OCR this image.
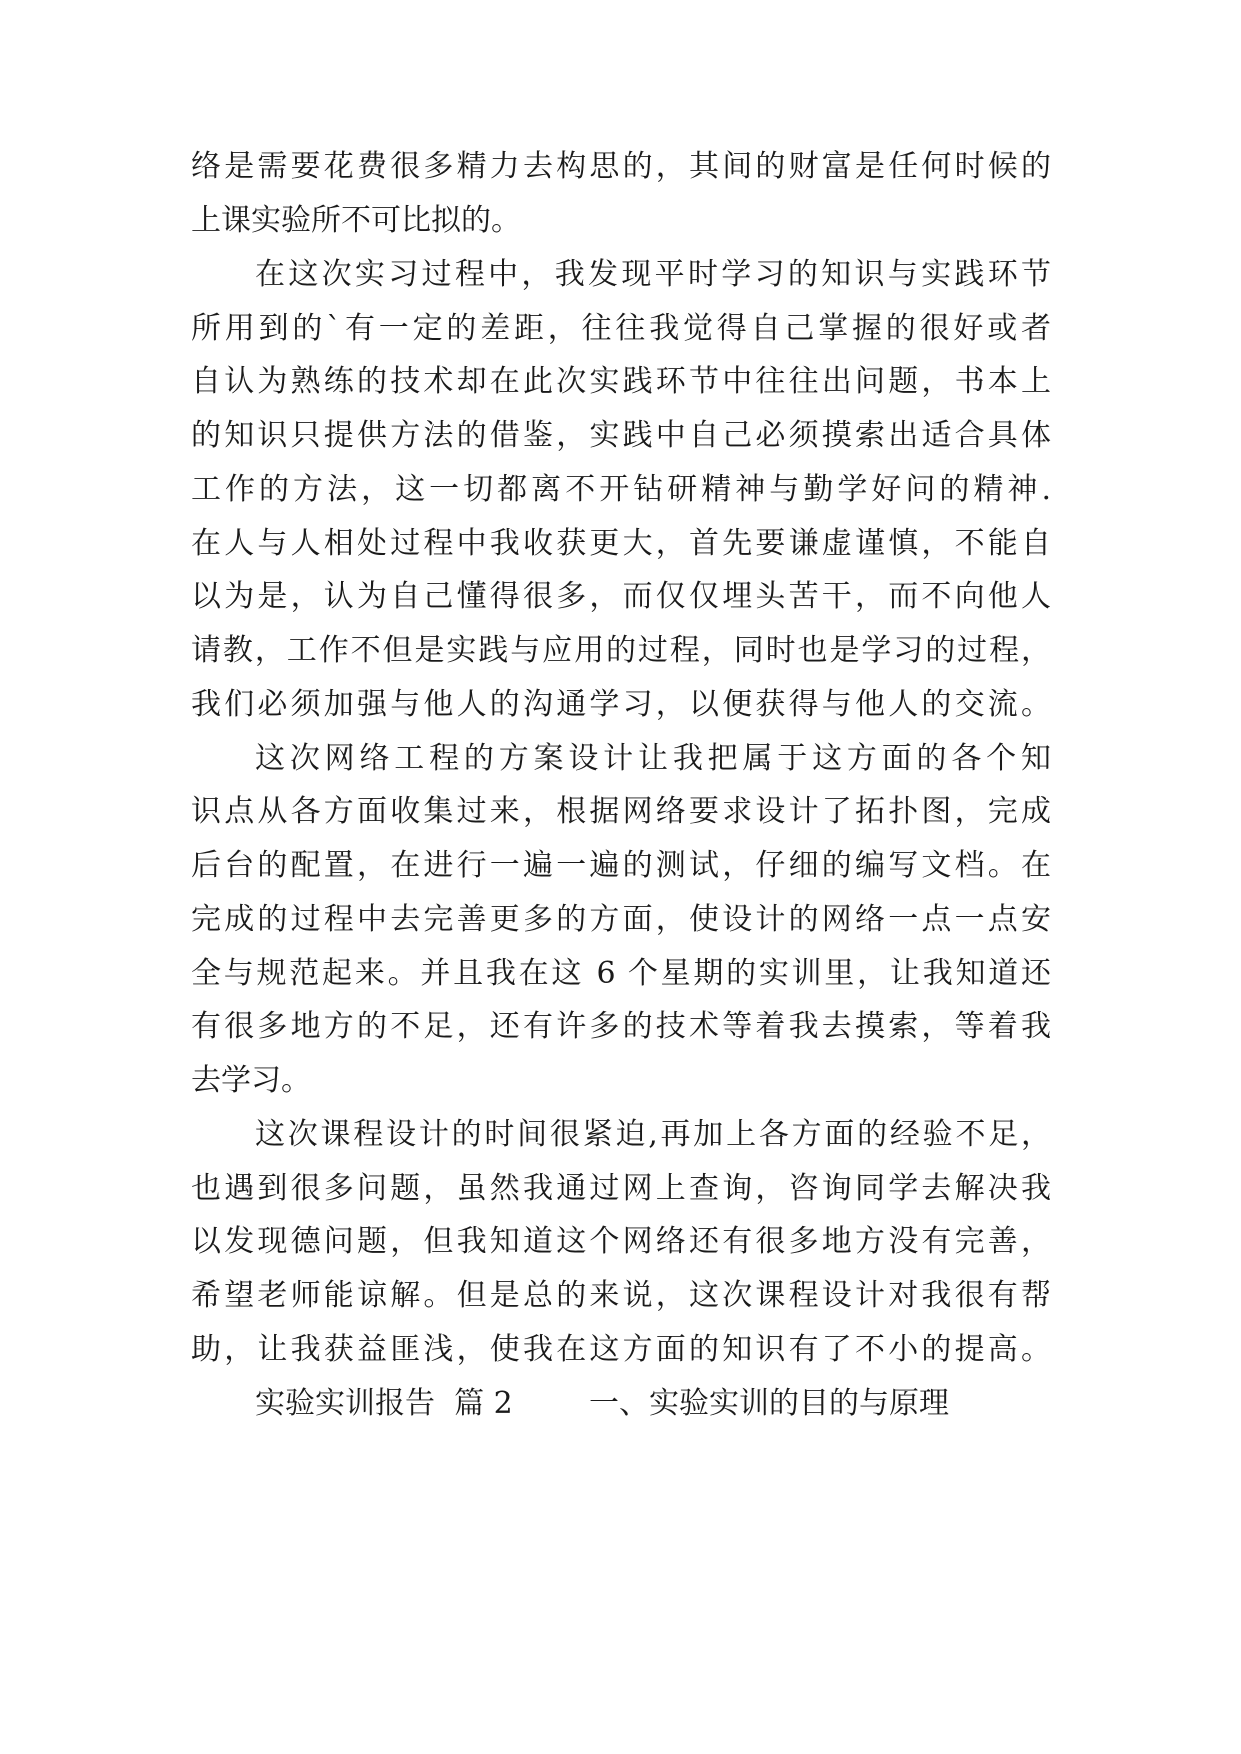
络是需要花费很多精力去构思的，其间的财富是任何时候的
上课实验所不可比拟的。
在这次实习过程中，我发现平时学习的知识与实践环节
所用到的`有一定的差距，往往我觉得自己掌握的很好或者
自认为熟练的技术却在此次实践环节中往往出问题，书本上
的知识只提供方法的借鉴，实践中自己必须摸索出适合具体
工作的方法，这一切都离不开钻研精神与勤学好问的精神.
在人与人相处过程中我收获更大，首先要谦虚谨慎，不能自
以为是，认为自己懂得很多，而仅仅埋头苦干，而不向他人
请教，工作不但是实践与应用的过程，同时也是学习的过程，
我们必须加强与他人的沟通学习，以便获得与他人的交流。
这次网络工程的方案设计让我把属于这方面的各个知
识点从各方面收集过来，根据网络要求设计了拓扑图，完成
后台的配置，在进行一遍一遍的测试，仔细的编写文档。在
完成的过程中去完善更多的方面，使设计的网络一点一点安
全与规范起来。并且我在这 6 个星期的实训里，让我知道还
有很多地方的不足，还有许多的技术等着我去摸索，等着我
去学习。
这次课程设计的时间很紧迫,再加上各方面的经验不足，
也遇到很多问题，虽然我通过网上查询，咨询同学去解决我
以发现德问题，但我知道这个网络还有很多地方没有完善，
希望老师能谅解。但是总的来说，这次课程设计对我很有帮
助，让我获益匪浅，使我在这方面的知识有了不小的提高。
实验实训报告  篇 2        一、实验实训的目的与原理
